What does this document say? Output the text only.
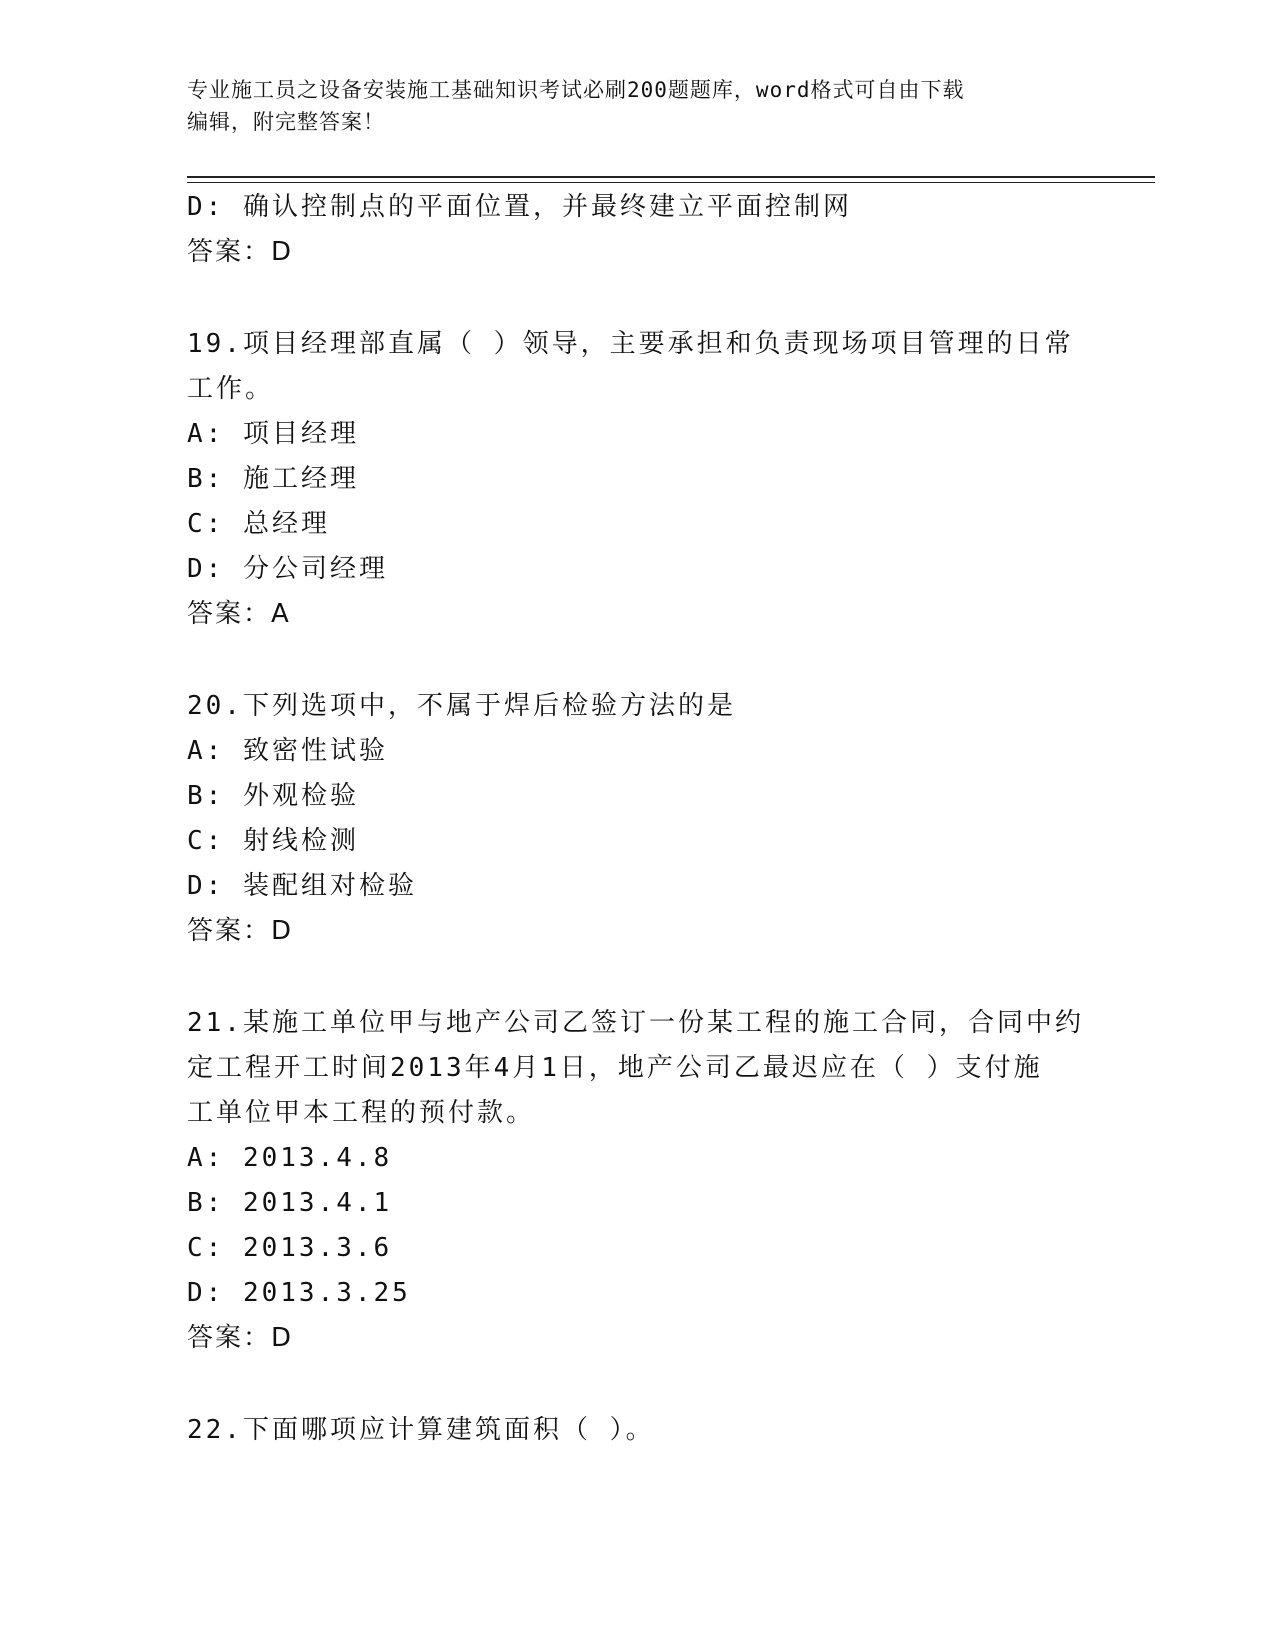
专业施工员之设备安装施工基础知识考试必刷200题题库，word格式可自由下载
编辑，附完整答案！
D: 确认控制点的平面位置，并最终建立平面控制网
答案：D
19.项目经理部直属（ ）领导，主要承担和负责现场项目管理的日常
工作。
A: 项目经理
B: 施工经理
C: 总经理
D: 分公司经理
答案：A
20.下列选项中，不属于焊后检验方法的是
A: 致密性试验
B: 外观检验
C: 射线检测
D: 装配组对检验
答案：D
21.某施工单位甲与地产公司乙签订一份某工程的施工合同，合同中约
定工程开工时间2013年4月1日，地产公司乙最迟应在（ ）支付施
工单位甲本工程的预付款。
A: 2013.4.8
B: 2013.4.1
C: 2013.3.6
D: 2013.3.25
答案：D
22.下面哪项应计算建筑面积（ ）。
